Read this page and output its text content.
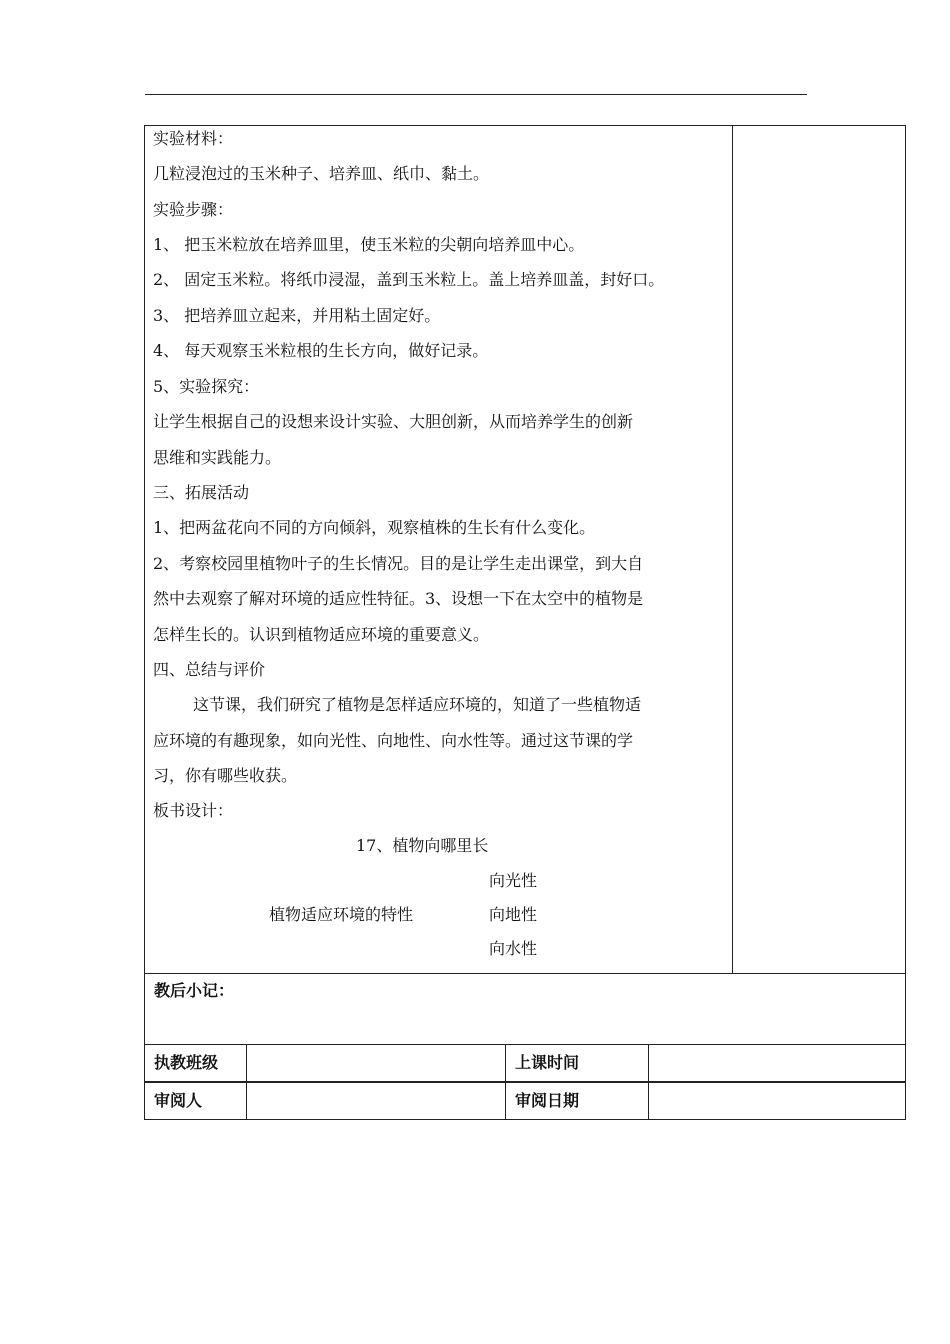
实验材料：
几粒浸泡过的玉米种子、培养皿、纸巾、黏土。
实验步骤：
1、 把玉米粒放在培养皿里，使玉米粒的尖朝向培养皿中心。
2、 固定玉米粒。将纸巾浸湿，盖到玉米粒上。盖上培养皿盖，封好口。
3、 把培养皿立起来，并用粘土固定好。
4、 每天观察玉米粒根的生长方向，做好记录。
5、实验探究：
让学生根据自己的设想来设计实验、大胆创新，从而培养学生的创新
思维和实践能力。
三、拓展活动
1、把两盆花向不同的方向倾斜，观察植株的生长有什么变化。
2、考察校园里植物叶子的生长情况。目的是让学生走出课堂，到大自
然中去观察了解对环境的适应性特征。3、设想一下在太空中的植物是
怎样生长的。认识到植物适应环境的重要意义。
四、总结与评价
这节课，我们研究了植物是怎样适应环境的，知道了一些植物适
应环境的有趣现象，如向光性、向地性、向水性等。通过这节课的学
习，你有哪些收获。
板书设计：
17、植物向哪里长
向光性
植物适应环境的特性	向地性
向水性
教后小记：
执教班级	上课时间
审阅人	审阅日期
